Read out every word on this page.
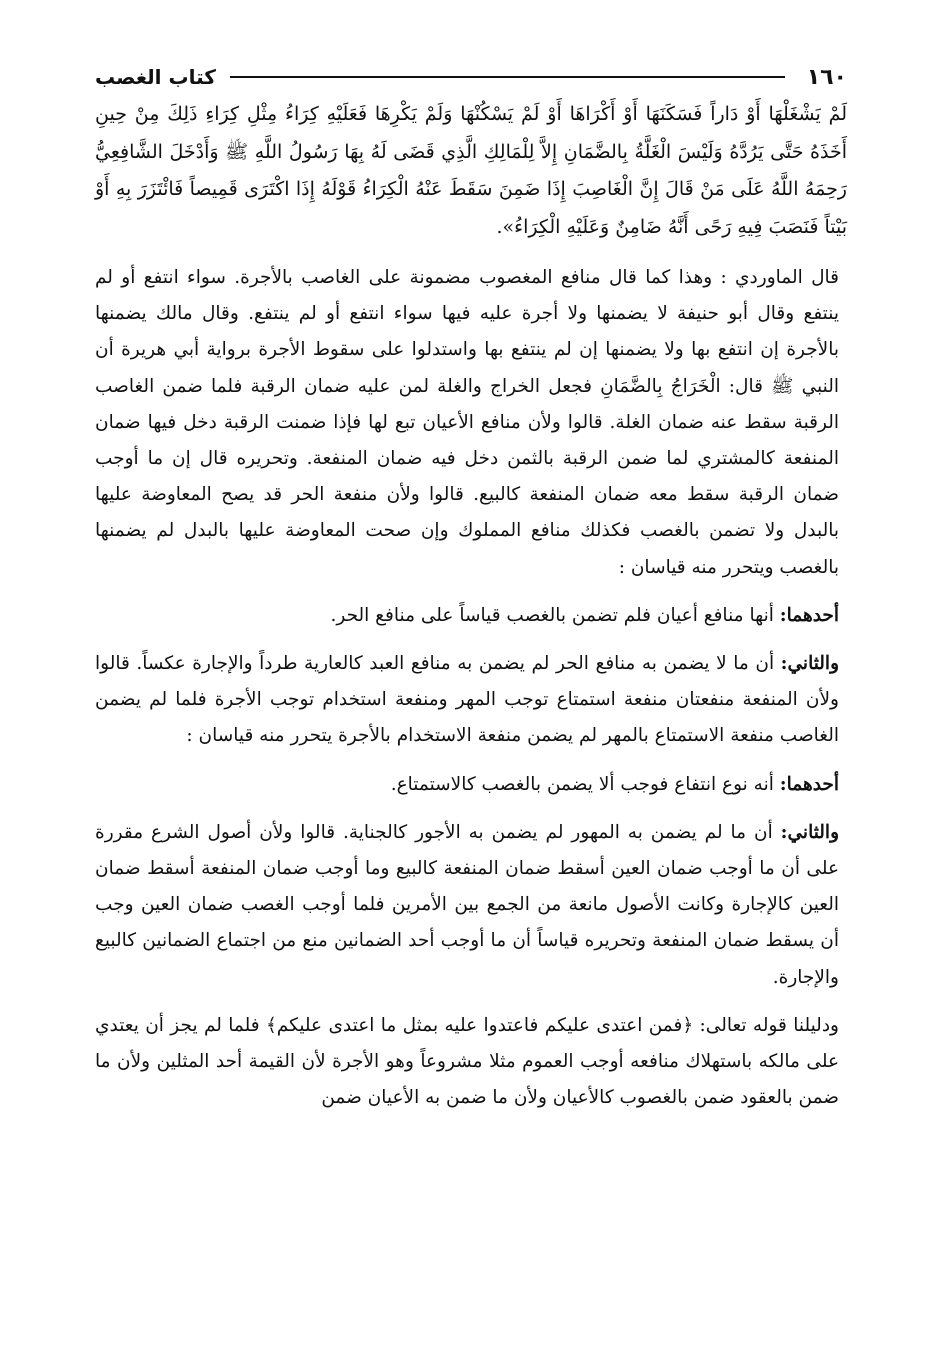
١٦٠
كتاب الغصب

لَمْ يَشْغَلْهَا أَوْ دَاراً فَسَكَنَهَا أَوْ أَكْرَاهَا أَوْ لَمْ يَسْكُنْهَا وَلَمْ يَكْرِهَا فَعَلَيْهِ كِرَاءُ مِثْلِ كِرَاءِ ذَلِكَ مِنْ حِينِ أَخَذَهُ حَتَّى يَرُدَّهُ وَلَيْسَ الْغَلَّةُ بِالضَّمَانِ إِلاَّ لِلْمَالِكِ الَّذِي قَضَى لَهُ بِهَا رَسُولُ اللَّهِ ﷺ وَأَدْخَلَ الشَّافِعِيُّ رَحِمَهُ اللَّهُ عَلَى مَنْ قَالَ إِنَّ الْغَاصِبَ إِذَا ضَمِنَ سَقَطَ عَنْهُ الْكِرَاءُ قَوْلَهُ إِذَا اكْتَرَى قَمِيصاً فَائْتَزَرَ بِهِ أَوْ بَيْتاً فَنَصَبَ فِيهِ رَحًى أَنَّهُ ضَامِنٌ وَعَلَيْهِ الْكِرَاءُ».

قال الماوردي : وهذا كما قال منافع المغصوب مضمونة على الغاصب بالأجرة. سواء انتفع أو لم ينتفع وقال أبو حنيفة لا يضمنها ولا أجرة عليه فيها سواء انتفع أو لم ينتفع. وقال مالك يضمنها بالأجرة إن انتفع بها ولا يضمنها إن لم ينتفع بها واستدلوا على سقوط الأجرة برواية أبي هريرة أن النبي ﷺ قال: الْخَرَاجُ بِالضَّمَانِ فجعل الخراج والغلة لمن عليه ضمان الرقبة فلما ضمن الغاصب الرقبة سقط عنه ضمان الغلة. قالوا ولأن منافع الأعيان تبع لها فإذا ضمنت الرقبة دخل فيها ضمان المنفعة كالمشتري لما ضمن الرقبة بالثمن دخل فيه ضمان المنفعة. وتحريره قال إن ما أوجب ضمان الرقبة سقط معه ضمان المنفعة كالبيع. قالوا ولأن منفعة الحر قد يصح المعاوضة عليها بالبدل ولا تضمن بالغصب فكذلك منافع المملوك وإن صحت المعاوضة عليها بالبدل لم يضمنها بالغصب ويتحرر منه قياسان :

أحدهما: أنها منافع أعيان فلم تضمن بالغصب قياساً على منافع الحر.

والثاني: أن ما لا يضمن به منافع الحر لم يضمن به منافع العبد كالعارية طرداً والإجارة عكساً. قالوا ولأن المنفعة منفعتان منفعة استمتاع توجب المهر ومنفعة استخدام توجب الأجرة فلما لم يضمن الغاصب منفعة الاستمتاع بالمهر لم يضمن منفعة الاستخدام بالأجرة يتحرر منه قياسان :

أحدهما: أنه نوع انتفاع فوجب ألا يضمن بالغصب كالاستمتاع.

والثاني: أن ما لم يضمن به المهور لم يضمن به الأجور كالجناية. قالوا ولأن أصول الشرع مقررة على أن ما أوجب ضمان العين أسقط ضمان المنفعة كالبيع وما أوجب ضمان المنفعة أسقط ضمان العين كالإجارة وكانت الأصول مانعة من الجمع بين الأمرين فلما أوجب الغصب ضمان العين وجب أن يسقط ضمان المنفعة وتحريره قياساً أن ما أوجب أحد الضمانين منع من اجتماع الضمانين كالبيع والإجارة.

ودليلنا قوله تعالى: ﴿فمن اعتدى عليكم فاعتدوا عليه بمثل ما اعتدى عليكم﴾ فلما لم يجز أن يعتدي على مالكه باستهلاك منافعه أوجب العموم مثلا مشروعاً وهو الأجرة لأن القيمة أحد المثلين ولأن ما ضمن بالعقود ضمن بالغصوب كالأعيان ولأن ما ضمن به الأعيان ضمن
